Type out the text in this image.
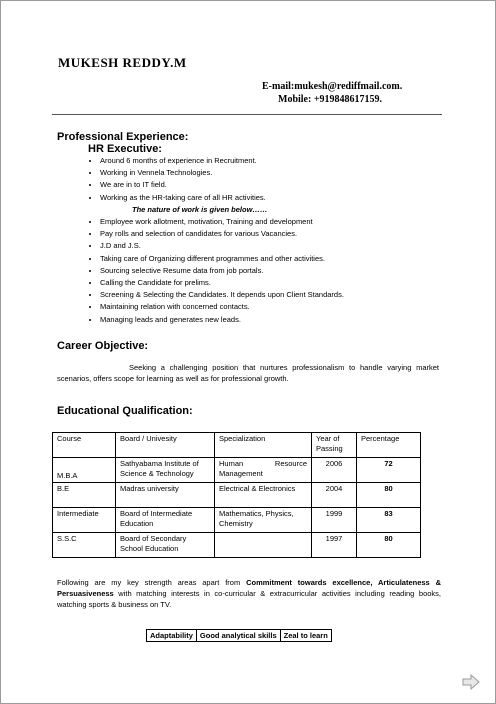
MUKESH REDDY.M
E-mail:mukesh@rediffmail.com.
Mobile: +919848617159.
Professional Experience:
HR Executive:
• Around 6 months of experience in Recruitment.
• Working in Vennela Technologies.
• We are in to IT field.
• Working as the HR-taking care of all HR activities.
The nature of work is given below……
• Employee work allotment, motivation, Training and development
• Pay rolls and selection of candidates for various Vacancies.
• J.D and J.S.
• Taking care of Organizing different programmes and other activities.
• Sourcing selective Resume data from job portals.
• Calling the Candidate for prelims.
• Screening & Selecting the Candidates. It depends upon Client Standards.
• Maintaining relation with concerned contacts.
• Managing leads and generates new leads.
Career Objective:
Seeking a challenging position that nurtures professionalism to handle varying market scenarios, offers scope for learning as well as for professional growth.
Educational Qualification:
Course	Board / Univesity	Specialization	Year of Passing	Percentage
M.B.A	Sathyabama Institute of Science & Technology	Human Resource Management	2006	72
B.E	Madras university	Electrical & Electronics	2004	80
Intermediate	Board of Intermediate Education	Mathematics, Physics, Chemistry	1999	83
S.S.C	Board of Secondary School Education		1997	80
Following are my key strength areas apart from Commitment towards excellence, Articulateness & Persuasiveness with matching interests in co-curricular & extracurricular activities including reading books, watching sports & business on TV.
Adaptability	Good analytical skills	Zeal to learn
